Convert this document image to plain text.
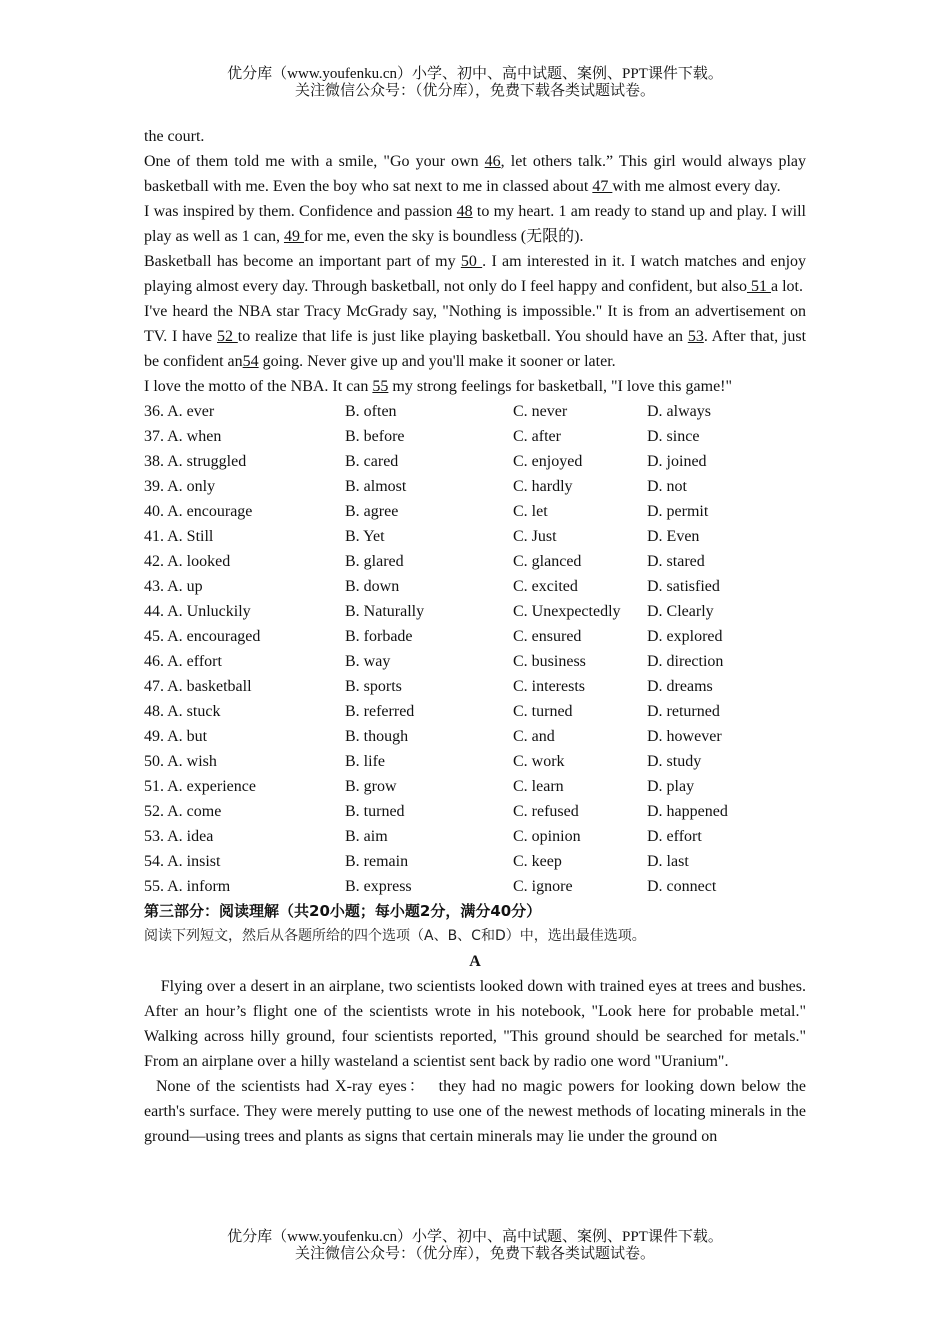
优分库（www.youfenku.cn）小学、初中、高中试题、案例、PPT课件下载。
关注微信公众号：（优分库），免费下载各类试题试卷。

the court.

One of them told me with a smile, "Go your own 46, let others talk.” This girl would always play basketball with me. Even the boy who sat next to me in classed about 47 with me almost every day.

I was inspired by them. Confidence and passion 48 to my heart. 1 am ready to stand up and play. I will play as well as 1 can, 49 for me, even the sky is boundless (无限的).

Basketball has become an important part of my 50 . I am interested in it. I watch matches and enjoy playing almost every day. Through basketball, not only do I feel happy and confident, but also 51 a lot.

I've heard the NBA star Tracy McGrady say, "Nothing is impossible." It is from an advertisement on TV. I have 52 to realize that life is just like playing basketball. You should have an 53. After that, just be confident an54 going. Never give up and you'll make it sooner or later.

I love the motto of the NBA. It can 55 my strong feelings for basketball, "I love this game!"

36. A. ever	B. often	C. never	D. always
37. A. when	B. before	C. after	D. since
38. A. struggled	B. cared	C. enjoyed	D. joined
39. A. only	B. almost	C. hardly	D. not
40. A. encourage	B. agree	C. let	D. permit
41. A. Still	B. Yet	C. Just	D. Even
42. A. looked	B. glared	C. glanced	D. stared
43. A. up	B. down	C. excited	D. satisfied
44. A. Unluckily	B. Naturally	C. Unexpectedly	D. Clearly
45. A. encouraged	B. forbade	C. ensured	D. explored
46. A. effort	B. way	C. business	D. direction
47. A. basketball	B. sports	C. interests	D. dreams
48. A. stuck	B. referred	C. turned	D. returned
49. A. but	B. though	C. and	D. however
50. A. wish	B. life	C. work	D. study
51. A. experience	B. grow	C. learn	D. play
52. A. come	B. turned	C. refused	D. happened
53. A. idea	B. aim	C. opinion	D. effort
54. A. insist	B. remain	C. keep	D. last
55. A. inform	B. express	C. ignore	D. connect
第三部分：阅读理解（共20小题；每小题2分，满分40分）
阅读下列短文，然后从各题所给的四个选项（A、B、C和D）中，选出最佳选项。
A

Flying over a desert in an airplane, two scientists looked down with trained eyes at trees and bushes. After an hour’s flight one of the scientists wrote in his notebook, "Look here for probable metal." Walking across hilly ground, four scientists reported, "This ground should be searched for metals." From an airplane over a hilly wasteland a scientist sent back by radio one word "Uranium".

None of the scientists had X-ray eyes：  they had no magic powers for looking down below the earth's surface. They were merely putting to use one of the newest methods of locating minerals in the ground—using trees and plants as signs that certain minerals may lie under the ground on

优分库（www.youfenku.cn）小学、初中、高中试题、案例、PPT课件下载。
关注微信公众号：（优分库），免费下载各类试题试卷。
